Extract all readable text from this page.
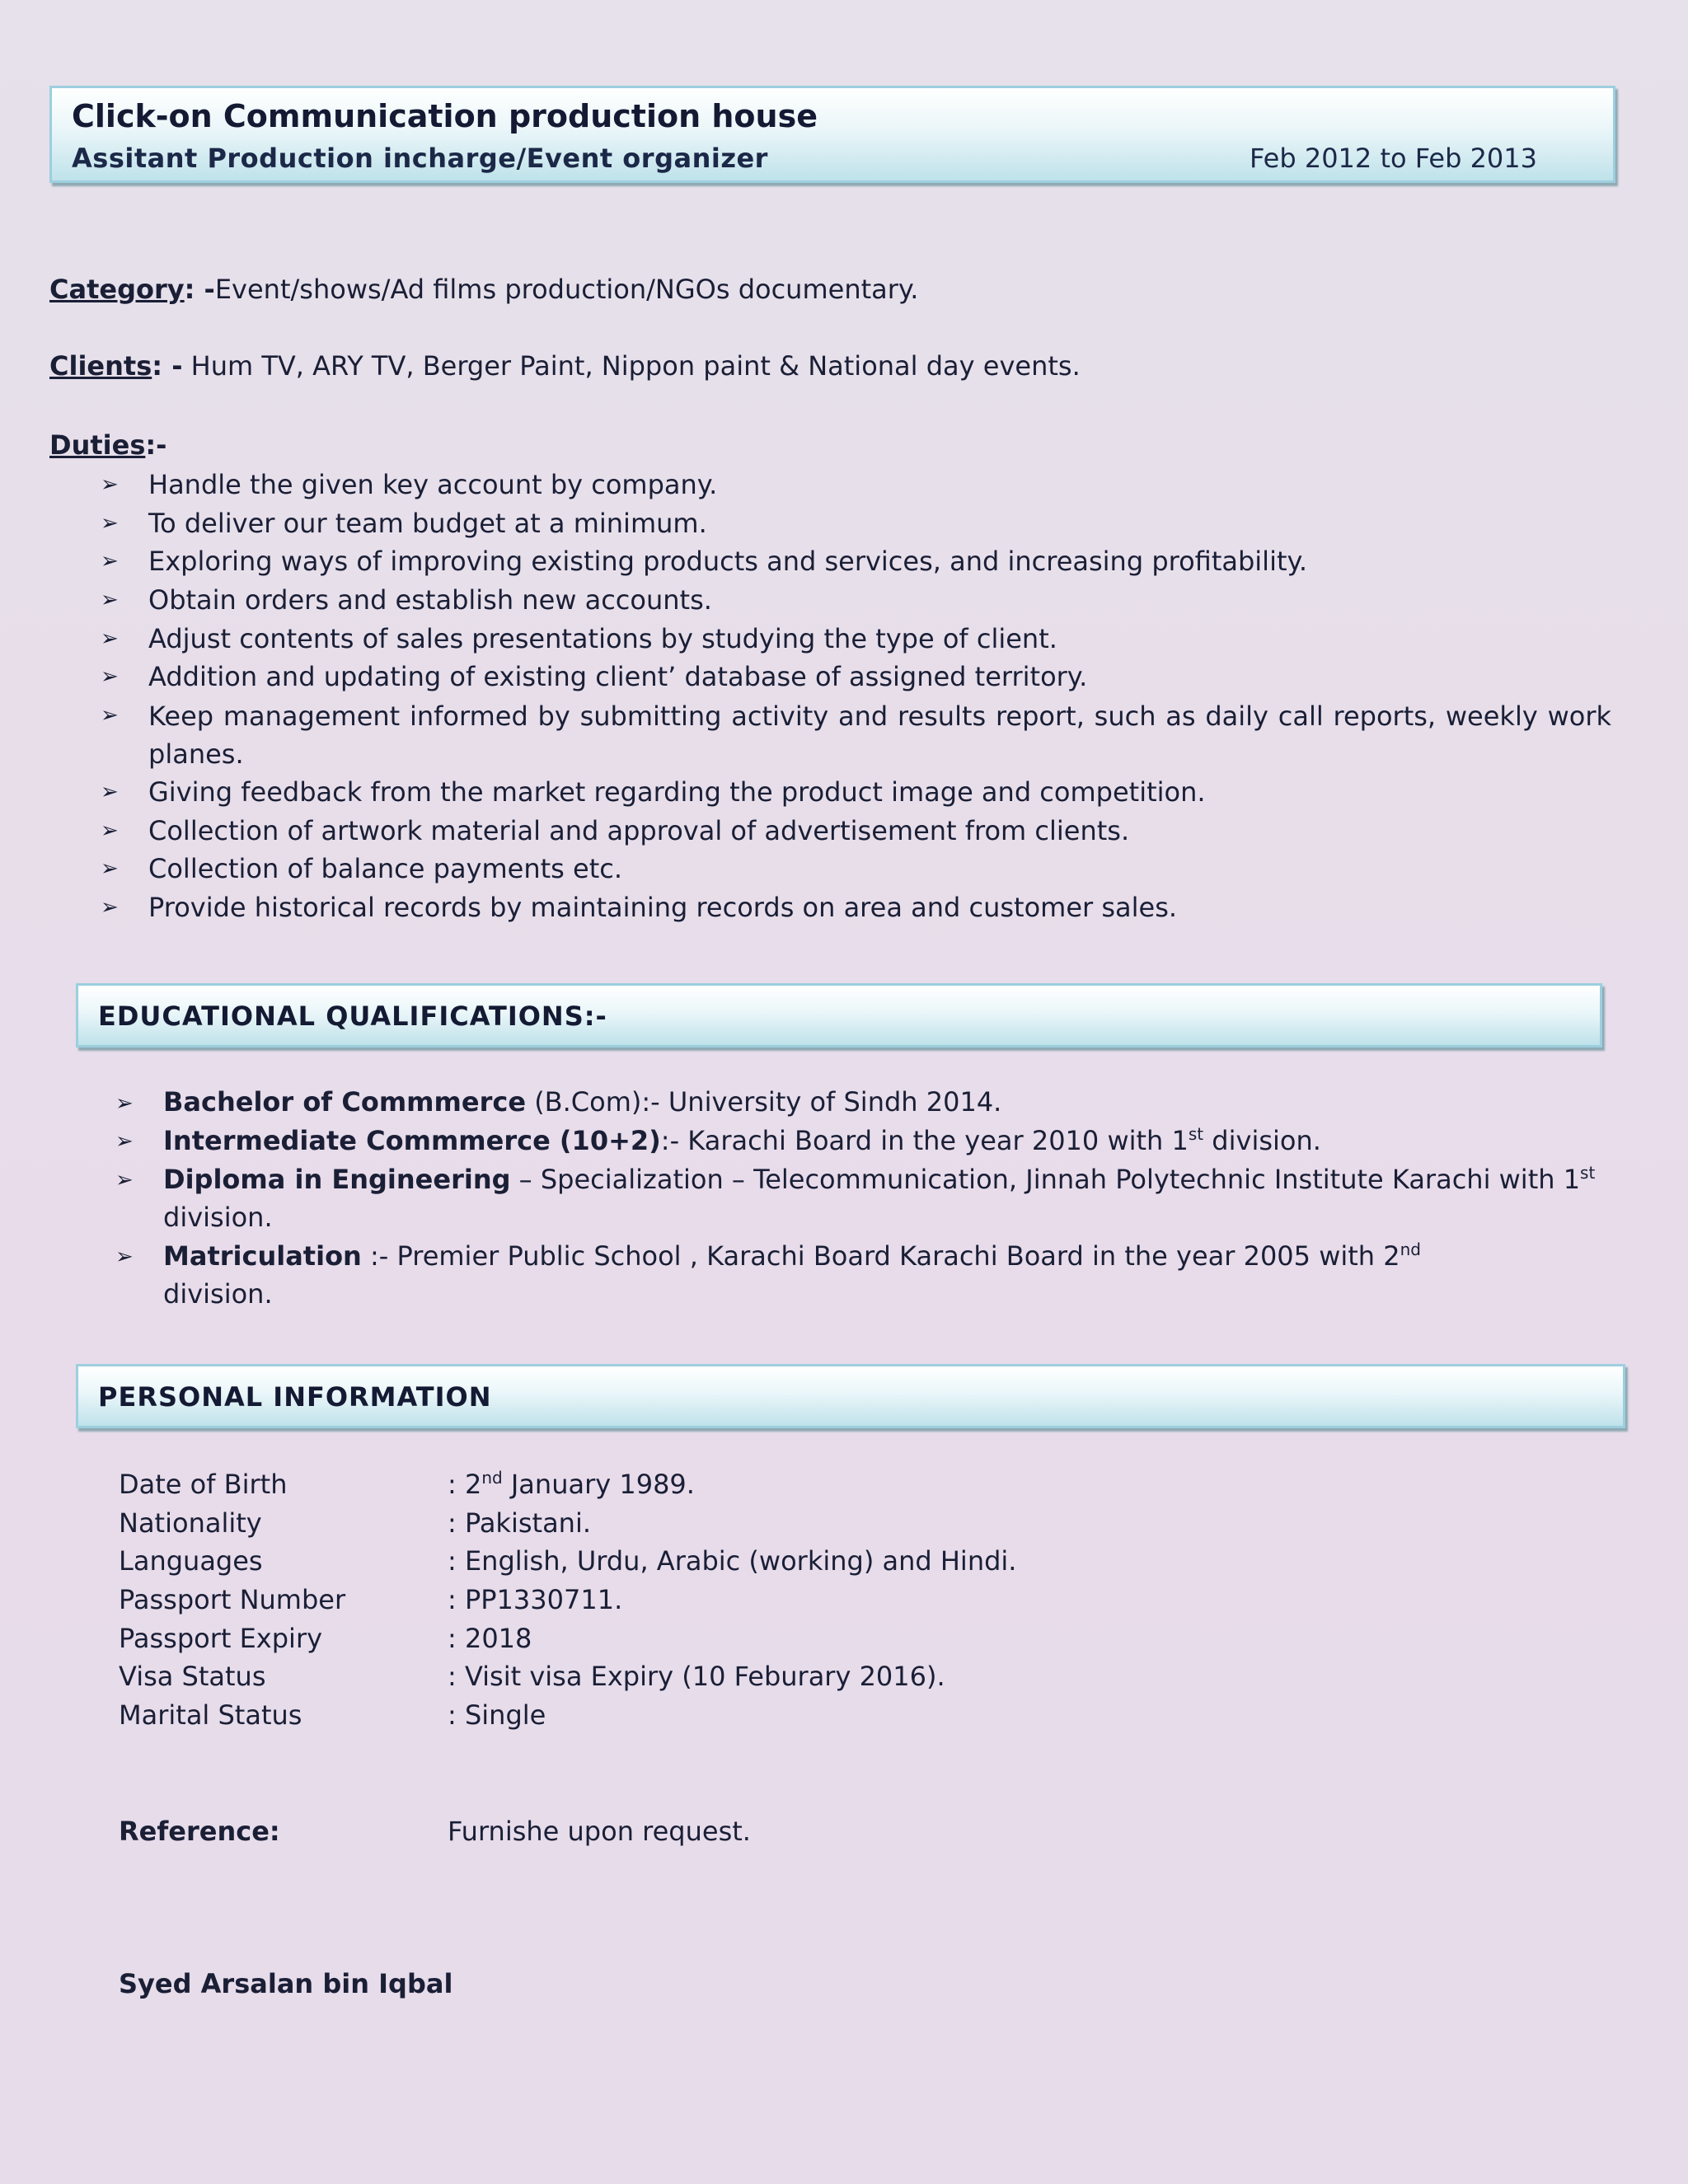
Click-on Communication production house
Assitant Production incharge/Event organizer	Feb 2012 to Feb 2013
Category: -Event/shows/Ad films production/NGOs documentary.
Clients: - Hum TV, ARY TV, Berger Paint, Nippon paint & National day events.
Duties:-
➢ Handle the given key account by company.
➢ To deliver our team budget at a minimum.
➢ Exploring ways of improving existing products and services, and increasing profitability.
➢ Obtain orders and establish new accounts.
➢ Adjust contents of sales presentations by studying the type of client.
➢ Addition and updating of existing client’ database of assigned territory.
➢ Keep management informed by submitting activity and results report, such as daily call reports, weekly work planes.
➢ Giving feedback from the market regarding the product image and competition.
➢ Collection of artwork material and approval of advertisement from clients.
➢ Collection of balance payments etc.
➢ Provide historical records by maintaining records on area and customer sales.
EDUCATIONAL QUALIFICATIONS:-
➢ Bachelor of Commmerce (B.Com):- University of Sindh 2014.
➢ Intermediate Commmerce (10+2):- Karachi Board in the year 2010 with 1st division.
➢ Diploma in Engineering – Specialization – Telecommunication, Jinnah Polytechnic Institute Karachi with 1st division.
➢ Matriculation :- Premier Public School , Karachi Board Karachi Board in the year 2005 with 2nd division.
PERSONAL INFORMATION
Date of Birth	: 2nd January 1989.
Nationality	: Pakistani.
Languages	: English, Urdu, Arabic (working) and Hindi.
Passport Number	: PP1330711.
Passport Expiry	: 2018
Visa Status	: Visit visa Expiry (10 Feburary 2016).
Marital Status	: Single
Reference:	Furnishe upon request.
Syed Arsalan bin Iqbal
